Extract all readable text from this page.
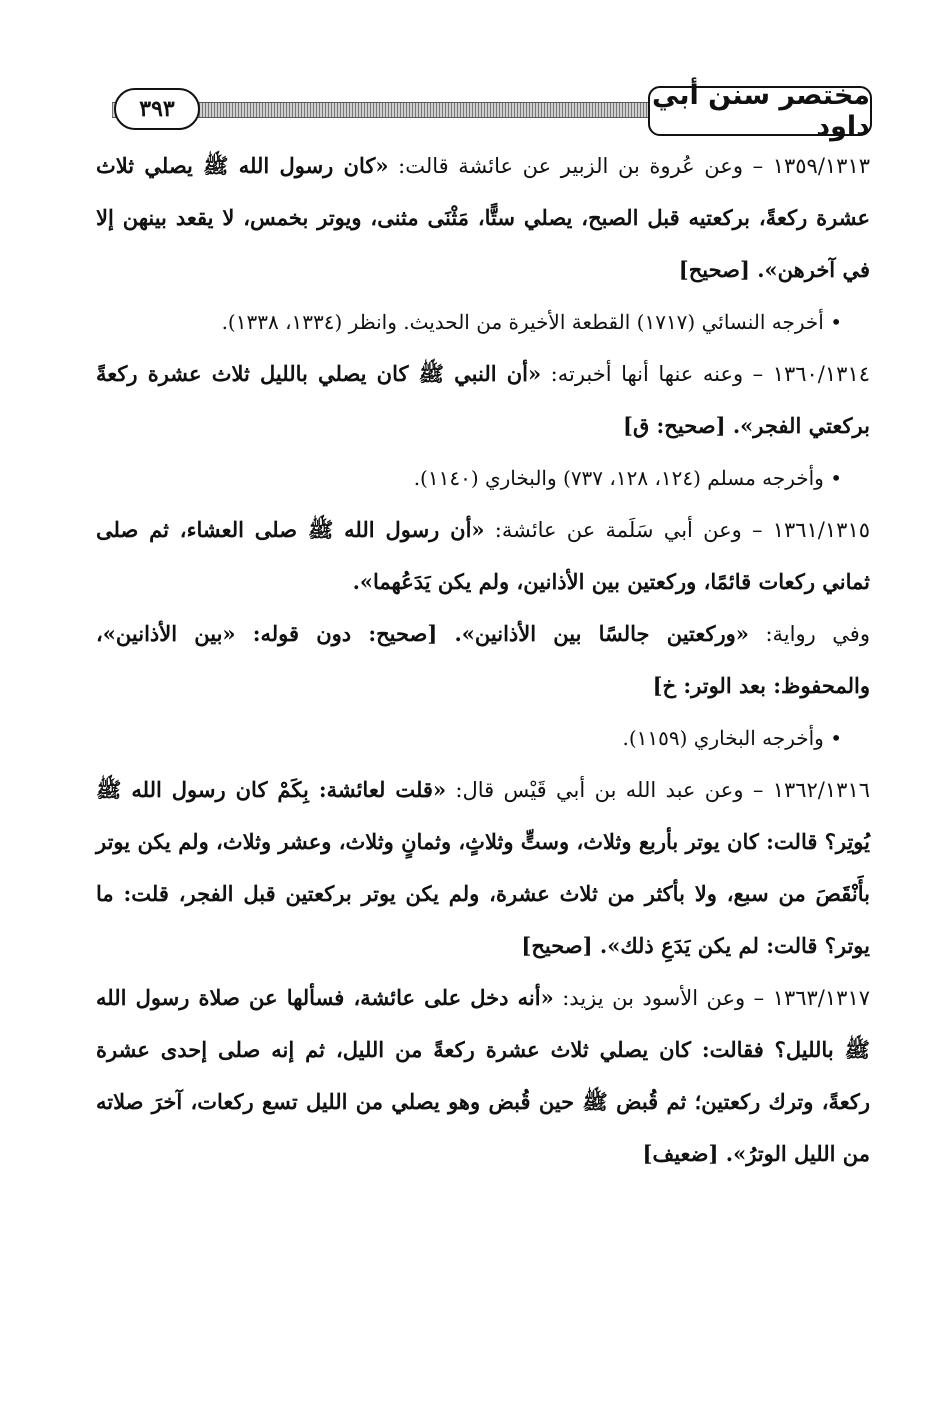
٣٩٣	مختصر سنن أبي داود

١٣٥٩/١٣١٣ – وعن عُروة بن الزبير عن عائشة قالت: «كان رسول الله ﷺ يصلي ثلاث عشرة ركعةً، بركعتيه قبل الصبح، يصلي ستًّا، مَثْنَى مثنى، ويوتر بخمس، لا يقعد بينهن إلا في آخرهن». [صحيح]

• أخرجه النسائي (١٧١٧) القطعة الأخيرة من الحديث. وانظر (١٣٣٤، ١٣٣٨).

١٣٦٠/١٣١٤ – وعنه عنها أنها أخبرته: «أن النبي ﷺ كان يصلي بالليل ثلاث عشرة ركعةً بركعتي الفجر». [صحيح: ق]

• وأخرجه مسلم (١٢٤، ١٢٨، ٧٣٧) والبخاري (١١٤٠).

١٣٦١/١٣١٥ – وعن أبي سَلَمة عن عائشة: «أن رسول الله ﷺ صلى العشاء، ثم صلى ثماني ركعات قائمًا، وركعتين بين الأذانين، ولم يكن يَدَعُهما».

وفي رواية: «وركعتين جالسًا بين الأذانين». [صحيح: دون قوله: «بين الأذانين»، والمحفوظ: بعد الوتر: خ]

• وأخرجه البخاري (١١٥٩).

١٣٦٢/١٣١٦ – وعن عبد الله بن أبي قَيْس قال: «قلت لعائشة: بِكَمْ كان رسول الله ﷺ يُوتِر؟ قالت: كان يوتر بأربع وثلاث، وستٍّ وثلاثٍ، وثمانٍ وثلاث، وعشر وثلاث، ولم يكن يوتر بأَنْقَصَ من سبع، ولا بأكثر من ثلاث عشرة، ولم يكن يوتر بركعتين قبل الفجر، قلت: ما يوتر؟ قالت: لم يكن يَدَعِ ذلك». [صحيح]

١٣٦٣/١٣١٧ – وعن الأسود بن يزيد: «أنه دخل على عائشة، فسألها عن صلاة رسول الله ﷺ بالليل؟ فقالت: كان يصلي ثلاث عشرة ركعةً من الليل، ثم إنه صلى إحدى عشرة ركعةً، وترك ركعتين؛ ثم قُبض ﷺ حين قُبض وهو يصلي من الليل تسع ركعات، آخرَ صلاته من الليل الوترُ». [ضعيف]
